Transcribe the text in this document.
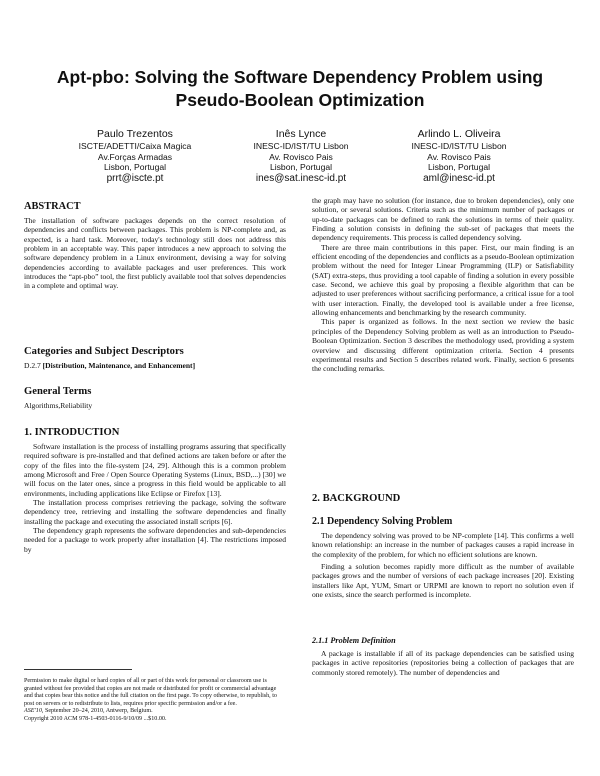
Apt-pbo: Solving the Software Dependency Problem using Pseudo-Boolean Optimization
Paulo Trezentos
ISCTE/ADETTI/Caixa Magica
Av.Forças Armadas
Lisbon, Portugal
prrt@iscte.pt
Inês Lynce
INESC-ID/IST/TU Lisbon
Av. Rovisco Pais
Lisbon, Portugal
ines@sat.inesc-id.pt
Arlindo L. Oliveira
INESC-ID/IST/TU Lisbon
Av. Rovisco Pais
Lisbon, Portugal
aml@inesc-id.pt
ABSTRACT

The installation of software packages depends on the correct resolution of dependencies and conflicts between packages. This problem is NP-complete and, as expected, is a hard task. Moreover, today's technology still does not address this problem in an acceptable way. This paper introduces a new approach to solving the software dependency problem in a Linux environment, devising a way for solving dependencies according to available packages and user preferences. This work introduces the “apt-pbo” tool, the first publicly available tool that solves dependencies in a complete and optimal way.

Categories and Subject Descriptors

D.2.7 [Distribution, Maintenance, and Enhancement]

General Terms

Algorithms,Reliability

1. INTRODUCTION

Software installation is the process of installing programs assuring that specifically required software is pre-installed and that defined actions are taken before or after the copy of the files into the file-system [24, 29]. Although this is a common problem among Microsoft and Free / Open Source Operating Systems (Linux, BSD,...) [30] we will focus on the later ones, since a progress in this field would be applicable to all environments, including applications like Eclipse or Firefox [13].

The installation process comprises retrieving the package, solving the software dependency tree, retrieving and installing the software dependencies and finally installing the package and executing the associated install scripts [6].

The dependency graph represents the software dependencies and sub-dependencies needed for a package to work properly after installation [4]. The restrictions imposed by

Permission to make digital or hard copies of all or part of this work for personal or classroom use is granted without fee provided that copies are not made or distributed for profit or commercial advantage and that copies bear this notice and the full citation on the first page. To copy otherwise, to republish, to post on servers or to redistribute to lists, requires prior specific permission and/or a fee.
ASE'10, September 20–24, 2010, Antwerp, Belgium.
Copyright 2010 ACM 978-1-4503-0116-9/10/09 ...$10.00.

the graph may have no solution (for instance, due to broken dependencies), only one solution, or several solutions. Criteria such as the minimum number of packages or up-to-date packages can be defined to rank the solutions in terms of their quality. Finding a solution consists in defining the sub-set of packages that meets the dependency requirements. This process is called dependency solving.

There are three main contributions in this paper. First, our main finding is an efficient encoding of the dependencies and conflicts as a pseudo-Boolean optimization problem without the need for Integer Linear Programming (ILP) or Satisfiability (SAT) extra-steps, thus providing a tool capable of finding a solution in every possible case. Second, we achieve this goal by proposing a flexible algorithm that can be adjusted to user preferences without sacrificing performance, a critical issue for a tool with user interaction. Finally, the developed tool is available under a free license, allowing enhancements and benchmarking by the research community.

This paper is organized as follows. In the next section we review the basic principles of the Dependency Solving problem as well as an introduction to Pseudo-Boolean Optimization. Section 3 describes the methodology used, providing a system overview and discussing different optimization criteria. Section 4 presents experimental results and Section 5 describes related work. Finally, section 6 presents the concluding remarks.

2. BACKGROUND
2.1 Dependency Solving Problem

The dependency solving was proved to be NP-complete [14]. This confirms a well known relationship: an increase in the number of packages causes a rapid increase in the complexity of the problem, for which no efficient solutions are known.

Finding a solution becomes rapidly more difficult as the number of available packages grows and the number of versions of each package increases [20]. Existing installers like Apt, YUM, Smart or URPMI are known to report no solution even if one exists, since the search performed is incomplete.

2.1.1 Problem Definition

A package is installable if all of its package dependencies can be satisfied using packages in active repositories (repositories being a collection of packages that are commonly stored remotely). The number of dependencies and
